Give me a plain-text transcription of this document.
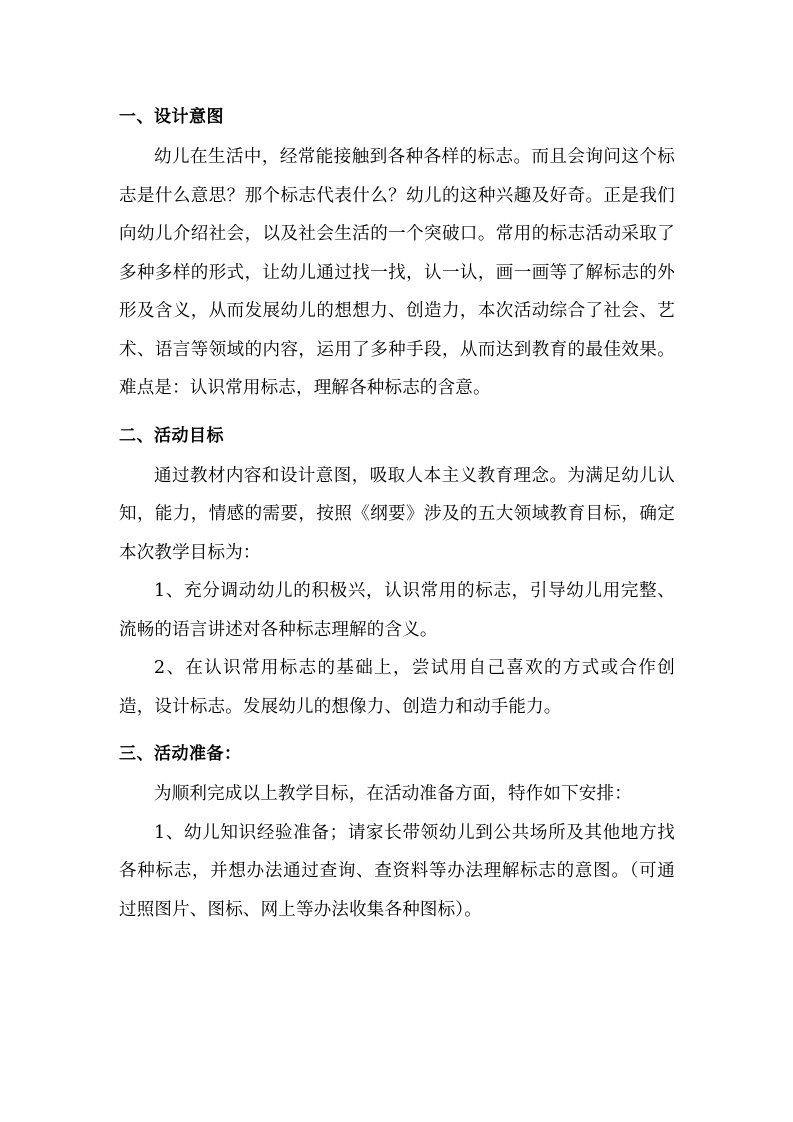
一、设计意图

幼儿在生活中，经常能接触到各种各样的标志。而且会询问这个标志是什么意思？那个标志代表什么？幼儿的这种兴趣及好奇。正是我们向幼儿介绍社会，以及社会生活的一个突破口。常用的标志活动采取了多种多样的形式，让幼儿通过找一找，认一认，画一画等了解标志的外形及含义，从而发展幼儿的想想力、创造力，本次活动综合了社会、艺术、语言等领域的内容，运用了多种手段，从而达到教育的最佳效果。难点是：认识常用标志，理解各种标志的含意。

二、活动目标

通过教材内容和设计意图，吸取人本主义教育理念。为满足幼儿认知，能力，情感的需要，按照《纲要》涉及的五大领域教育目标，确定本次教学目标为：

1、充分调动幼儿的积极兴，认识常用的标志，引导幼儿用完整、流畅的语言讲述对各种标志理解的含义。

2、在认识常用标志的基础上，尝试用自己喜欢的方式或合作创造，设计标志。发展幼儿的想像力、创造力和动手能力。

三、活动准备：

为顺利完成以上教学目标，在活动准备方面，特作如下安排：

1、幼儿知识经验准备；请家长带领幼儿到公共场所及其他地方找各种标志，并想办法通过查询、查资料等办法理解标志的意图。（可通过照图片、图标、网上等办法收集各种图标）。
